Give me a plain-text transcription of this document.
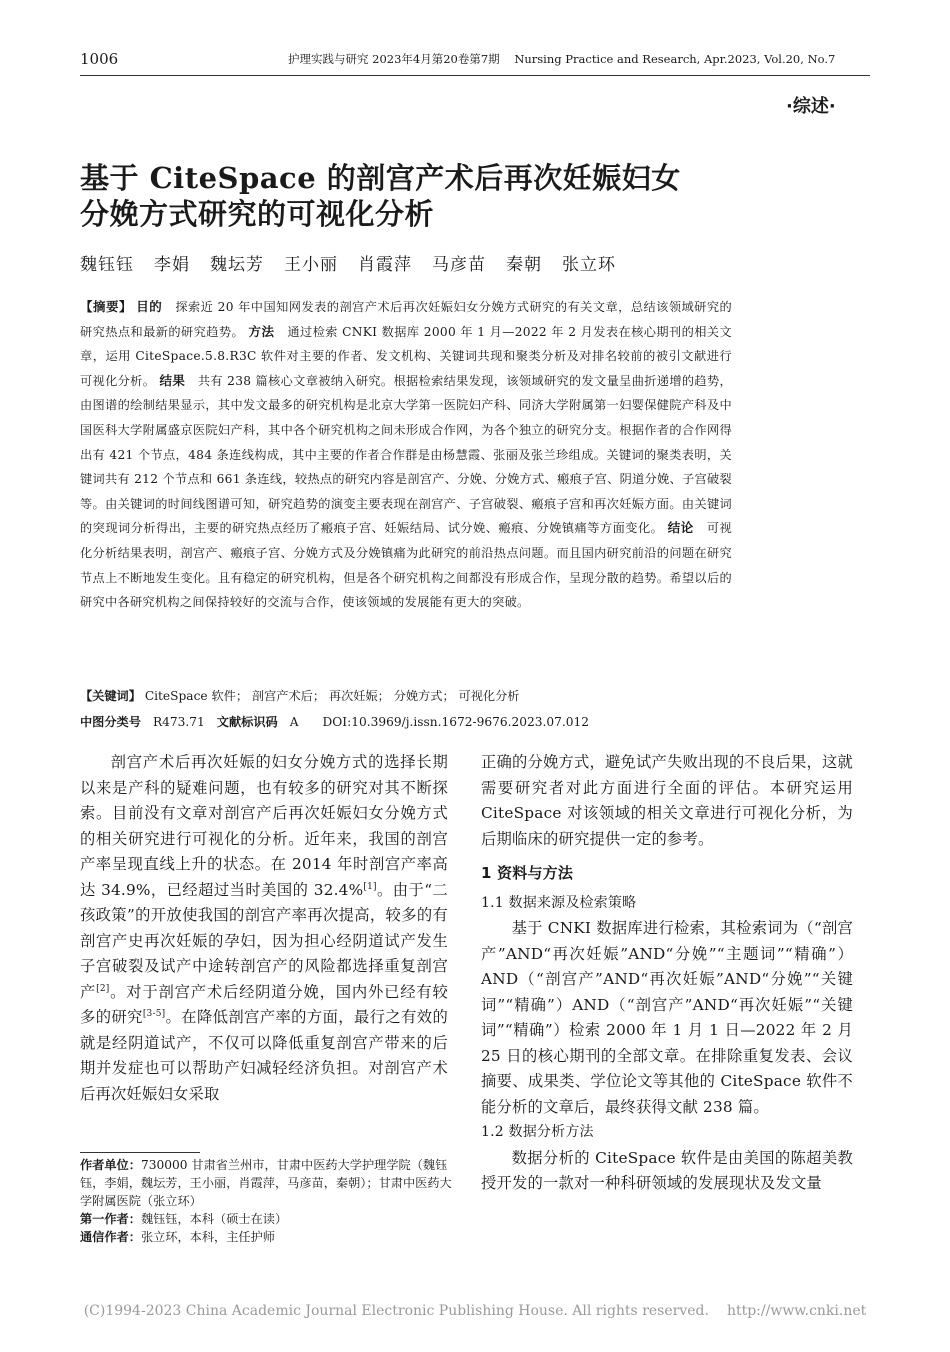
1006	护理实践与研究 2023年4月第20卷第7期 Nursing Practice and Research, Apr.2023, Vol.20, No.7
·综述·
基于 CiteSpace 的剖宫产术后再次妊娠妇女
分娩方式研究的可视化分析
魏钰钰 李娟 魏坛芳 王小丽 肖霞萍 马彦苗 秦朝 张立环
【摘要】 目的 探索近 20 年中国知网发表的剖宫产术后再次妊娠妇女分娩方式研究的有关文章，总结该领域研究的研究热点和最新的研究趋势。 方法 通过检索 CNKI 数据库 2000 年 1 月—2022 年 2 月发表在核心期刊的相关文章，运用 CiteSpace.5.8.R3C 软件对主要的作者、发文机构、关键词共现和聚类分析及对排名较前的被引文献进行可视化分析。 结果 共有 238 篇核心文章被纳入研究。根据检索结果发现，该领域研究的发文量呈曲折递增的趋势，由图谱的绘制结果显示，其中发文最多的研究机构是北京大学第一医院妇产科、同济大学附属第一妇婴保健院产科及中国医科大学附属盛京医院妇产科，其中各个研究机构之间未形成合作网，为各个独立的研究分支。根据作者的合作网得出有 421 个节点，484 条连线构成，其中主要的作者合作群是由杨慧霞、张丽及张兰珍组成。关键词的聚类表明，关键词共有 212 个节点和 661 条连线，较热点的研究内容是剖宫产、分娩、分娩方式、瘢痕子宫、阴道分娩、子宫破裂等。由关键词的时间线图谱可知，研究趋势的演变主要表现在剖宫产、子宫破裂、瘢痕子宫和再次妊娠方面。由关键词的突现词分析得出，主要的研究热点经历了瘢痕子宫、妊娠结局、试分娩、瘢痕、分娩镇痛等方面变化。 结论 可视化分析结果表明，剖宫产、瘢痕子宫、分娩方式及分娩镇痛为此研究的前沿热点问题。而且国内研究前沿的问题在研究节点上不断地发生变化。且有稳定的研究机构，但是各个研究机构之间都没有形成合作，呈现分散的趋势。希望以后的研究中各研究机构之间保持较好的交流与合作，使该领域的发展能有更大的突破。
【关键词】 CiteSpace 软件； 剖宫产术后； 再次妊娠； 分娩方式； 可视化分析
中图分类号 R473.71 文献标识码 A DOI:10.3969/j.issn.1672-9676.2023.07.012

剖宫产术后再次妊娠的妇女分娩方式的选择长期以来是产科的疑难问题，也有较多的研究对其不断探索。目前没有文章对剖宫产后再次妊娠妇女分娩方式的相关研究进行可视化的分析。近年来，我国的剖宫产率呈现直线上升的状态。在 2014 年时剖宫产率高达 34.9%，已经超过当时美国的 32.4%[1]。由于“二孩政策”的开放使我国的剖宫产率再次提高，较多的有剖宫产史再次妊娠的孕妇，因为担心经阴道试产发生子宫破裂及试产中途转剖宫产的风险都选择重复剖宫产[2]。对于剖宫产术后经阴道分娩，国内外已经有较多的研究[3-5]。在降低剖宫产率的方面，最行之有效的就是经阴道试产，不仅可以降低重复剖宫产带来的后期并发症也可以帮助产妇减轻经济负担。对剖宫产术后再次妊娠妇女采取

作者单位：730000 甘肃省兰州市，甘肃中医药大学护理学院（魏钰钰，李娟，魏坛芳，王小丽，肖霞萍，马彦苗，秦朝）；甘肃中医药大学附属医院（张立环）
第一作者：魏钰钰，本科（硕士在读）
通信作者：张立环，本科，主任护师

正确的分娩方式，避免试产失败出现的不良后果，这就需要研究者对此方面进行全面的评估。本研究运用 CiteSpace 对该领域的相关文章进行可视化分析，为后期临床的研究提供一定的参考。

1 资料与方法
1.1 数据来源及检索策略

基于 CNKI 数据库进行检索，其检索词为（“剖宫产”AND“再次妊娠”AND“分娩”“主题词”“精确”）AND（“剖宫产”AND“再次妊娠”AND“分娩”“关键词”“精确”）AND（“剖宫产”AND“再次妊娠”“关键词”“精确”）检索 2000 年 1 月 1 日—2022 年 2 月 25 日的核心期刊的全部文章。在排除重复发表、会议摘要、成果类、学位论文等其他的 CiteSpace 软件不能分析的文章后，最终获得文献 238 篇。

1.2 数据分析方法

数据分析的 CiteSpace 软件是由美国的陈超美教授开发的一款对一种科研领域的发展现状及发文量

(C)1994-2023 China Academic Journal Electronic Publishing House. All rights reserved. http://www.cnki.net
